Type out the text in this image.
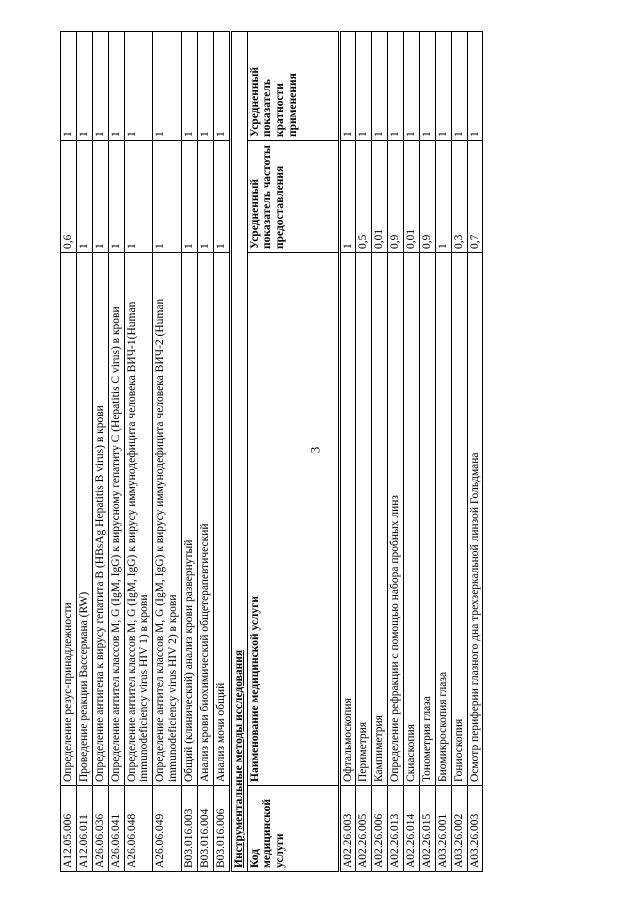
3
A12.05.006	Определение резус-принадлежности	0,6	1
A12.06.011	Проведение реакции Вассермана (RW)	1	1
A26.06.036	Определение антигена к вирусу гепатита В (HBsAg Hepatitis В virus) в крови	1	1
A26.06.041	Определение антител классов M, G (IgM, IgG) к вирусному гепатиту С (Hepatitis С virus) в крови	1	1
A26.06.048	Определение антител классов M, G (IgM, IgG) к вирусу иммунодефицита человека ВИЧ-1(Human immunodeficiency virus HIV 1) в крови	1	1
A26.06.049	Определение антител классов M, G (IgM, IgG) к вирусу иммунодефицита человека ВИЧ-2 (Human immunodeficiency virus HIV 2) в крови	1	1
B03.016.003	Общий (клинический) анализ крови развернутый	1	1
B03.016.004	Анализ крови биохимический общетерапевтический	1	1
B03.016.006	Анализ мочи общий	1	1
Инструментальные методы исследования			
Код медицинской услуги	Наименование медицинской услуги	Усредненный показатель частоты предоставления	Усредненный показатель кратности применения
A02.26.003	Офтальмоскопия	1	1
A02.26.005	Периметрия	0,5	1
A02.26.006	Кампиметрия	0,01	1
A02.26.013	Определение рефракции с помощью набора пробных линз	0,9	1
A02.26.014	Скиаскопия	0,01	1
A02.26.015	Тонометрия глаза	0,9	1
A03.26.001	Биомикроскопия глаза	1	1
A03.26.002	Гониоскопия	0,3	1
A03.26.003	Осмотр периферии глазного дна трехзеркальной линзой Гольдмана	0,7	1
